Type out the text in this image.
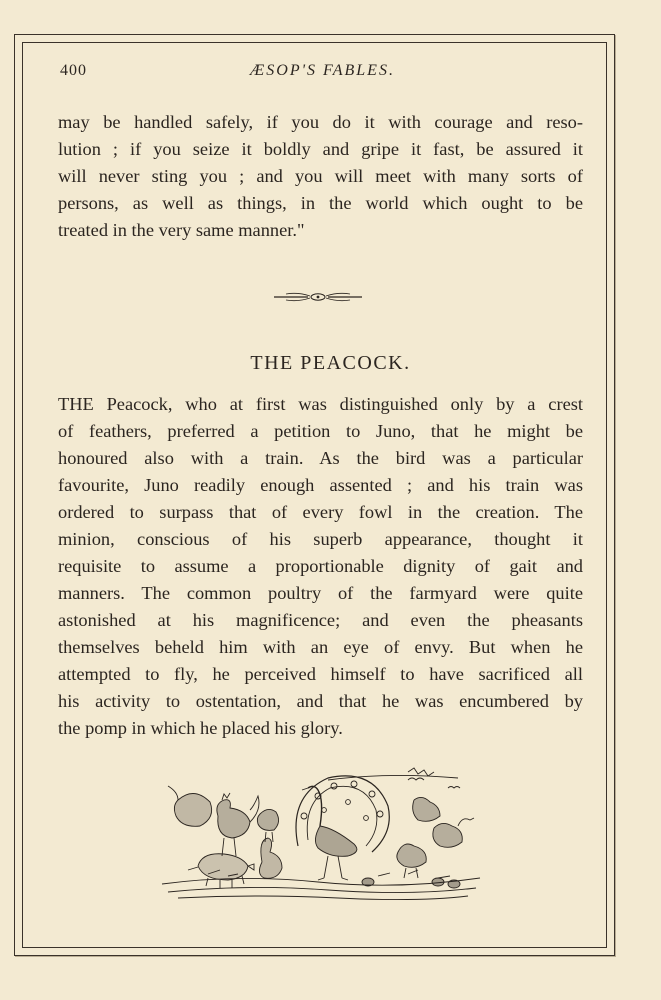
400	ÆSOP'S FABLES.
may be handled safely, if you do it with courage and reso-
lution ; if you seize it boldly and gripe it fast, be assured it
will never sting you ; and you will meet with many sorts of
persons, as well as things, in the world which ought to be
treated in the very same manner."
THE PEACOCK.
THE Peacock, who at first was distinguished only by a crest
of feathers, preferred a petition to Juno, that he might be
honoured also with a train. As the bird was a particular
favourite, Juno readily enough assented ; and his train was
ordered to surpass that of every fowl in the creation. The
minion, conscious of his superb appearance, thought it
requisite to assume a proportionable dignity of gait and
manners. The common poultry of the farmyard were quite
astonished at his magnificence; and even the pheasants
themselves beheld him with an eye of envy. But when he
attempted to fly, he perceived himself to have sacrificed all
his activity to ostentation, and that he was encumbered by
the pomp in which he placed his glory.
